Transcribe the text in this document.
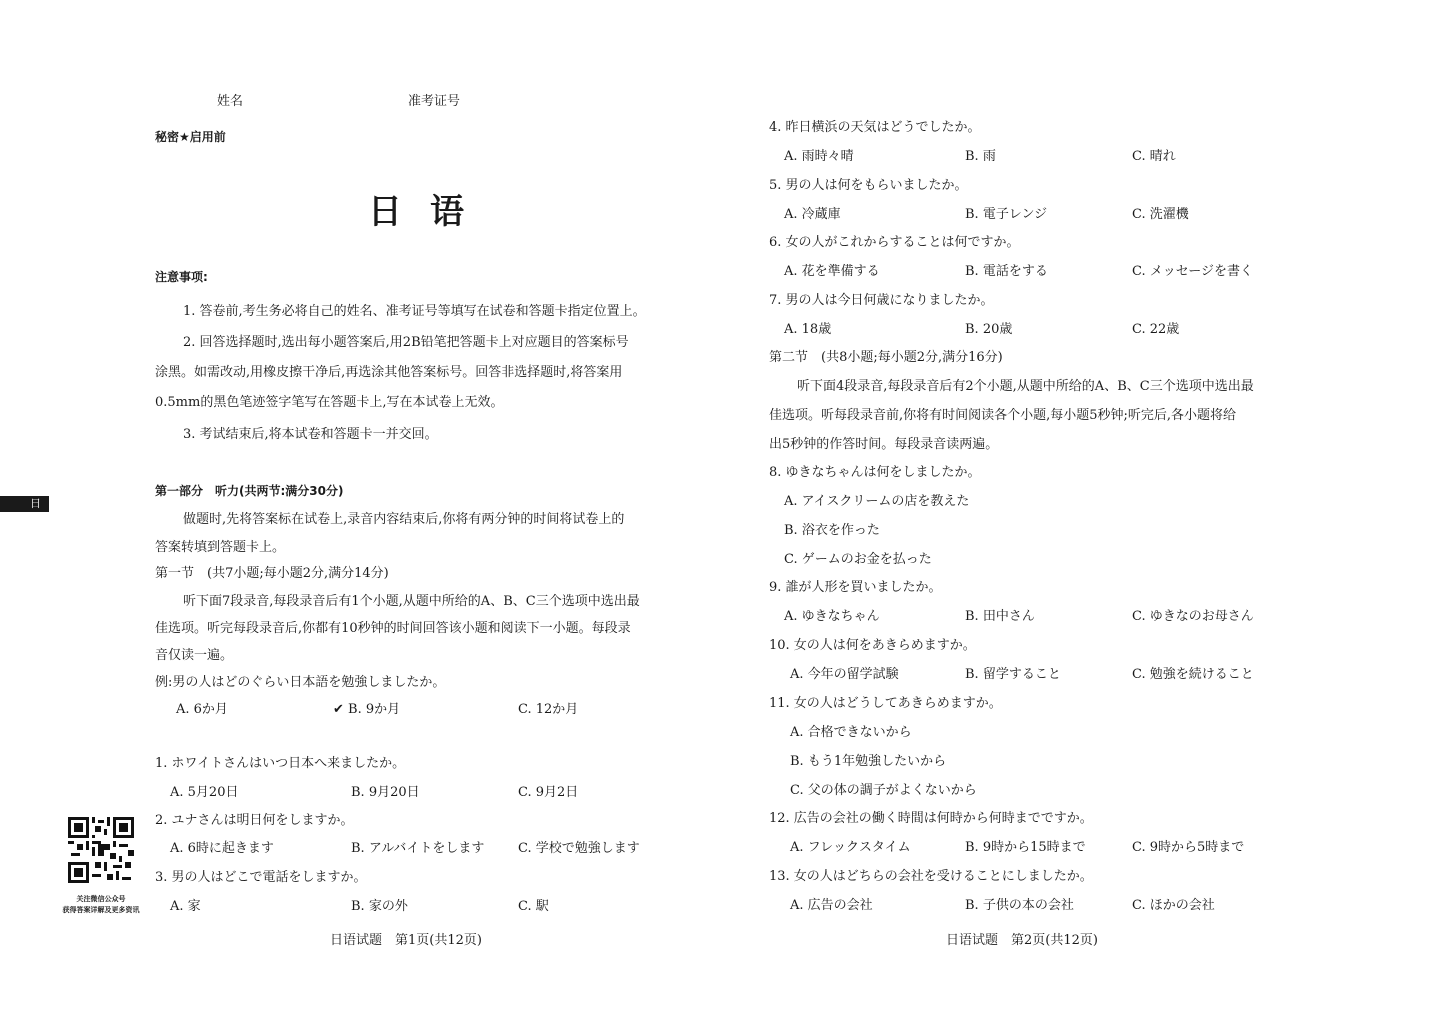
姓名	准考证号
秘密★启用前
日语
注意事项:
1. 答卷前,考生务必将自己的姓名、准考证号等填写在试卷和答题卡指定位置上。
2. 回答选择题时,选出每小题答案后,用2B铅笔把答题卡上对应题目的答案标号
涂黑。如需改动,用橡皮擦干净后,再选涂其他答案标号。回答非选择题时,将答案用
0.5mm的黑色笔迹签字笔写在答题卡上,写在本试卷上无效。
3. 考试结束后,将本试卷和答题卡一并交回。
第一部分　听力(共两节:满分30分)
做题时,先将答案标在试卷上,录音内容结束后,你将有两分钟的时间将试卷上的
答案转填到答题卡上。
第一节　(共7小题;每小题2分,满分14分)
听下面7段录音,每段录音后有1个小题,从题中所给的A、B、C三个选项中选出最
佳选项。听完每段录音后,你都有10秒钟的时间回答该小题和阅读下一小题。每段录
音仅读一遍。
例:男の人はどのぐらい日本語を勉強しましたか。
A. 6か月	✔ B. 9か月	C. 12か月
1. ホワイトさんはいつ日本へ来ましたか。
A. 5月20日	B. 9月20日	C. 9月2日
2. ユナさんは明日何をしますか。
A. 6時に起きます	B. アルバイトをします	C. 学校で勉強します
3. 男の人はどこで電話をしますか。
A. 家	B. 家の外	C. 駅
日语试题　第1页(共12页)
日
关注微信公众号
获得答案详解及更多资讯
4. 昨日横浜の天気はどうでしたか。
A. 雨時々晴	B. 雨	C. 晴れ
5. 男の人は何をもらいましたか。
A. 冷蔵庫	B. 電子レンジ	C. 洗濯機
6. 女の人がこれからすることは何ですか。
A. 花を準備する	B. 電話をする	C. メッセージを書く
7. 男の人は今日何歳になりましたか。
A. 18歳	B. 20歳	C. 22歳
第二节　(共8小题;每小题2分,满分16分)
听下面4段录音,每段录音后有2个小题,从题中所给的A、B、C三个选项中选出最
佳选项。听每段录音前,你将有时间阅读各个小题,每小题5秒钟;听完后,各小题将给
出5秒钟的作答时间。每段录音读两遍。
8. ゆきなちゃんは何をしましたか。
A. アイスクリームの店を教えた
B. 浴衣を作った
C. ゲームのお金を払った
9. 誰が人形を買いましたか。
A. ゆきなちゃん	B. 田中さん	C. ゆきなのお母さん
10. 女の人は何をあきらめますか。
A. 今年の留学試験	B. 留学すること	C. 勉強を続けること
11. 女の人はどうしてあきらめますか。
A. 合格できないから
B. もう1年勉強したいから
C. 父の体の調子がよくないから
12. 広告の会社の働く時間は何時から何時までですか。
A. フレックスタイム	B. 9時から15時まで	C. 9時から5時まで
13. 女の人はどちらの会社を受けることにしましたか。
A. 広告の会社	B. 子供の本の会社	C. ほかの会社
日语试题　第2页(共12页)
